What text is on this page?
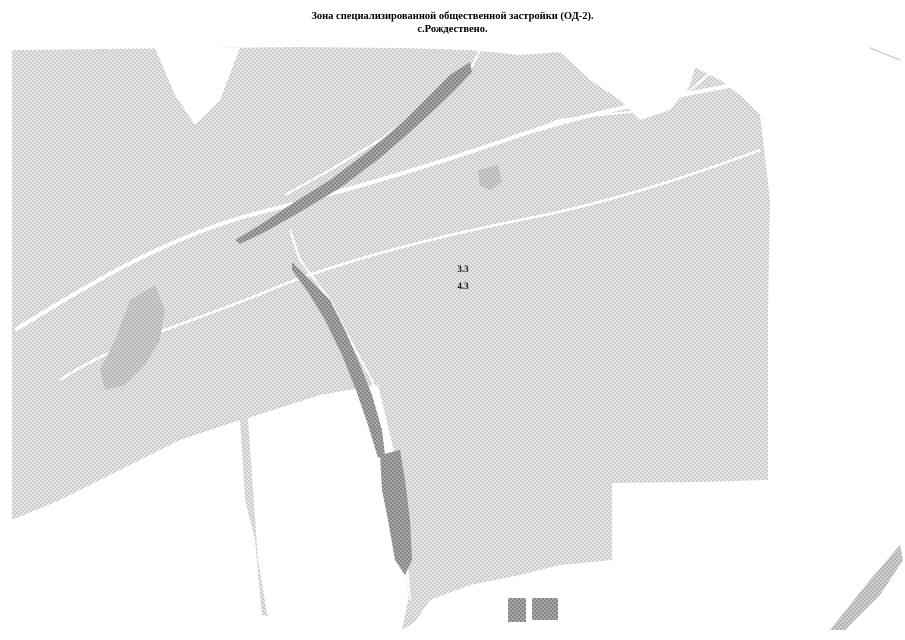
3.3
4.3
Зона специализированной общественной застройки (ОД-2).
с.Рождествено.
